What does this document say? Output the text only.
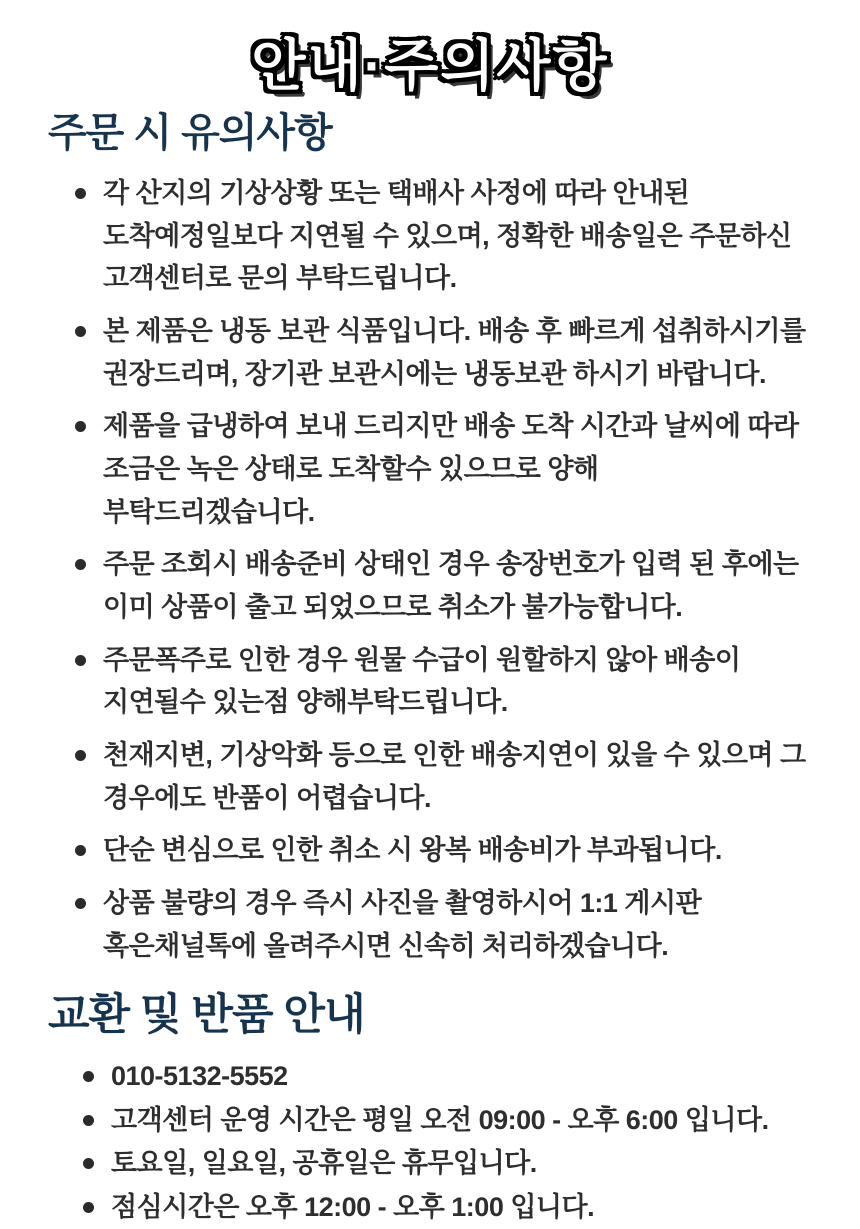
안내·주의사항
주문 시 유의사항
각 산지의 기상상황 또는 택배사 사정에 따라 안내된 도착예정일보다 지연될 수 있으며, 정확한 배송일은 주문하신 고객센터로 문의 부탁드립니다.
본 제품은 냉동 보관 식품입니다. 배송 후 빠르게 섭취하시기를 권장드리며, 장기관 보관시에는 냉동보관 하시기 바랍니다.
제품을 급냉하여 보내 드리지만 배송 도착 시간과 날씨에 따라 조금은 녹은 상태로 도착할수 있으므로 양해 부탁드리겠습니다.
주문 조회시 배송준비 상태인 경우 송장번호가 입력 된 후에는 이미 상품이 출고 되었으므로 취소가 불가능합니다.
주문폭주로 인한 경우 원물 수급이 원할하지 않아 배송이 지연될수 있는점 양해부탁드립니다.
천재지변, 기상악화 등으로 인한 배송지연이 있을 수 있으며 그 경우에도 반품이 어렵습니다.
단순 변심으로 인한 취소 시 왕복 배송비가 부과됩니다.
상품 불량의 경우 즉시 사진을 촬영하시어 1:1 게시판 혹은채널톡에 올려주시면 신속히 처리하겠습니다.
교환 및 반품 안내
010-5132-5552
고객센터 운영 시간은 평일 오전 09:00 - 오후 6:00 입니다.
토요일, 일요일, 공휴일은 휴무입니다.
점심시간은 오후 12:00 - 오후 1:00 입니다.
